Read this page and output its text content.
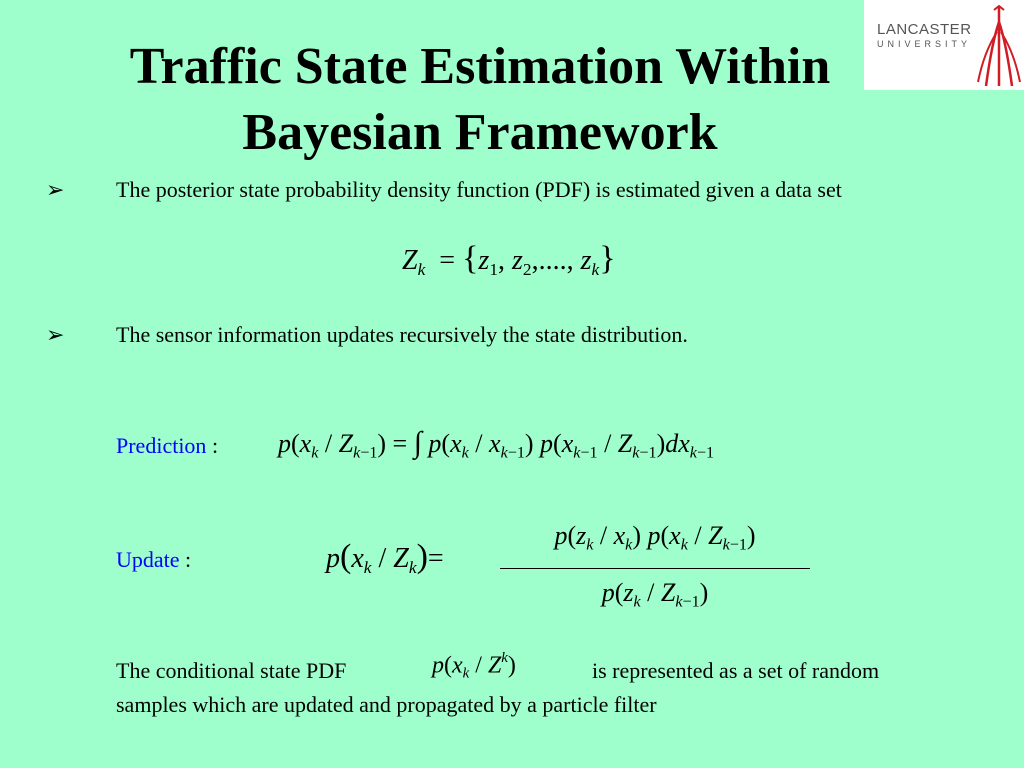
LANCASTER
UNIVERSITY
Traffic State Estimation Within
Bayesian Framework
➢ The posterior state probability density function (PDF) is estimated given a data set
$Z_k = \{z_1$, $z_2$,...., $z_k$}
➢ The sensor information updates recursively the state distribution.
Prediction : $p(x_k / Z_{k-1})$ = ∫ $p(x_k / x_{k-1})$ $p(x_{k-1} / Z_{k-1})dx_{k-1}$
Update :	$p(x_k / Z_k)=$
$p(z_k / x_k)$ $p(x_k / Z_{k-1})$
$p(z_k / Z_{k-1})$
The conditional state PDF	$p(x_k / Z^k)$	is represented as a set of random
samples which are updated and propagated by a particle filter
